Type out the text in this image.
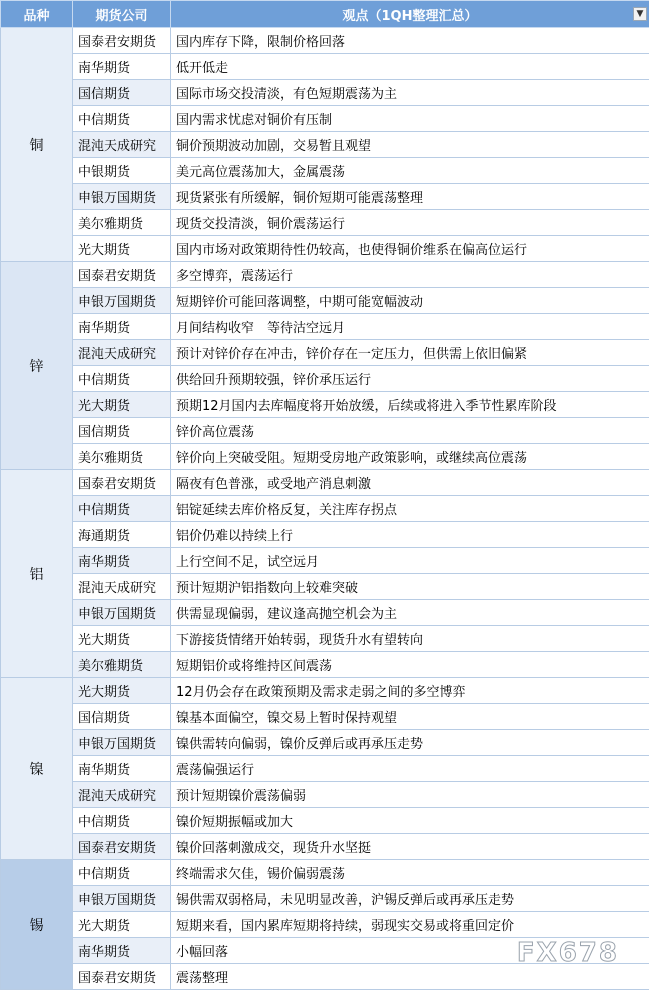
品种	期货公司	观点（1QH整理汇总） ▼

铜	国泰君安期货	国内库存下降，限制价格回落
	南华期货	低开低走
	国信期货	国际市场交投清淡，有色短期震荡为主
	中信期货	国内需求忧虑对铜价有压制
	混沌天成研究	铜价预期波动加剧，交易暂且观望
	中银期货	美元高位震荡加大，金属震荡
	申银万国期货	现货紧张有所缓解，铜价短期可能震荡整理
	美尔雅期货	现货交投清淡，铜价震荡运行
	光大期货	国内市场对政策期待性仍较高，也使得铜价维系在偏高位运行
锌	国泰君安期货	多空博弈，震荡运行
	申银万国期货	短期锌价可能回落调整，中期可能宽幅波动
	南华期货	月间结构收窄　等待沽空远月
	混沌天成研究	预计对锌价存在冲击，锌价存在一定压力，但供需上依旧偏紧
	中信期货	供给回升预期较强，锌价承压运行
	光大期货	预期12月国内去库幅度将开始放缓，后续或将进入季节性累库阶段
	国信期货	锌价高位震荡
	美尔雅期货	锌价向上突破受阻。短期受房地产政策影响，或继续高位震荡
铝	国泰君安期货	隔夜有色普涨，或受地产消息刺激
	中信期货	铝锭延续去库价格反复，关注库存拐点
	海通期货	铝价仍难以持续上行
	南华期货	上行空间不足，试空远月
	混沌天成研究	预计短期沪铝指数向上较难突破
	申银万国期货	供需显现偏弱，建议逢高抛空机会为主
	光大期货	下游接货情绪开始转弱，现货升水有望转向
	美尔雅期货	短期铝价或将维持区间震荡
镍	光大期货	12月仍会存在政策预期及需求走弱之间的多空博弈
	国信期货	镍基本面偏空，镍交易上暂时保持观望
	申银万国期货	镍供需转向偏弱，镍价反弹后或再承压走势
	南华期货	震荡偏强运行
	混沌天成研究	预计短期镍价震荡偏弱
	中信期货	镍价短期振幅或加大
	国泰君安期货	镍价回落刺激成交，现货升水坚挺
锡	中信期货	终端需求欠佳，锡价偏弱震荡
	申银万国期货	锡供需双弱格局，未见明显改善，沪锡反弹后或再承压走势
	光大期货	短期来看，国内累库短期将持续，弱现实交易或将重回定价
	南华期货	小幅回落
	国泰君安期货	震荡整理
FX678
